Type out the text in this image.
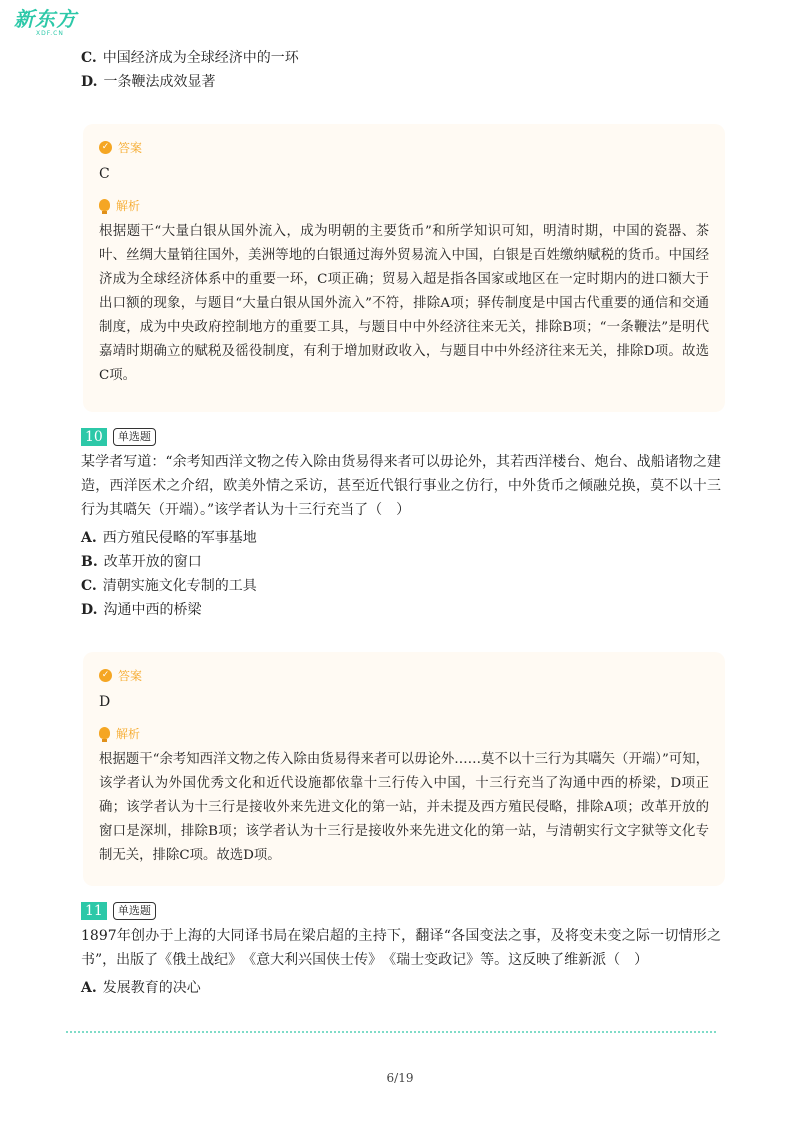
新东方
XDF.CN

C. 中国经济成为全球经济中的一环

D. 一条鞭法成效显著

✓ 答案

C

解析

根据题干“大量白银从国外流入，成为明朝的主要货币”和所学知识可知，明清时期，中国的瓷器、茶叶、丝绸大量销往国外，美洲等地的白银通过海外贸易流入中国，白银是百姓缴纳赋税的货币。中国经济成为全球经济体系中的重要一环，C项正确；贸易入超是指各国家或地区在一定时期内的进口额大于出口额的现象，与题目“大量白银从国外流入”不符，排除A项；驿传制度是中国古代重要的通信和交通制度，成为中央政府控制地方的重要工具，与题目中中外经济往来无关，排除B项；“一条鞭法”是明代嘉靖时期确立的赋税及徭役制度，有利于增加财政收入，与题目中中外经济往来无关，排除D项。故选C项。

10	单选题

某学者写道：“余考知西洋文物之传入除由货易得来者可以毋论外，其若西洋楼台、炮台、战船诸物之建造，西洋医术之介绍，欧美外情之采访，甚至近代银行事业之仿行，中外货币之倾融兑换，莫不以十三行为其嚆矢（开端）。”该学者认为十三行充当了（　）

A. 西方殖民侵略的军事基地

B. 改革开放的窗口

C. 清朝实施文化专制的工具

D. 沟通中西的桥梁

✓ 答案

D

解析

根据题干“余考知西洋文物之传入除由货易得来者可以毋论外……莫不以十三行为其嚆矢（开端）”可知，该学者认为外国优秀文化和近代设施都依靠十三行传入中国，十三行充当了沟通中西的桥梁，D项正确；该学者认为十三行是接收外来先进文化的第一站，并未提及西方殖民侵略，排除A项；改革开放的窗口是深圳，排除B项；该学者认为十三行是接收外来先进文化的第一站，与清朝实行文字狱等文化专制无关，排除C项。故选D项。

11	单选题

1897年创办于上海的大同译书局在梁启超的主持下，翻译“各国变法之事，及将变未变之际一切情形之书”，出版了《俄土战纪》　《意大利兴国侠士传》　《瑞士变政记》等。这反映了维新派（　）

A. 发展教育的决心

6/19
